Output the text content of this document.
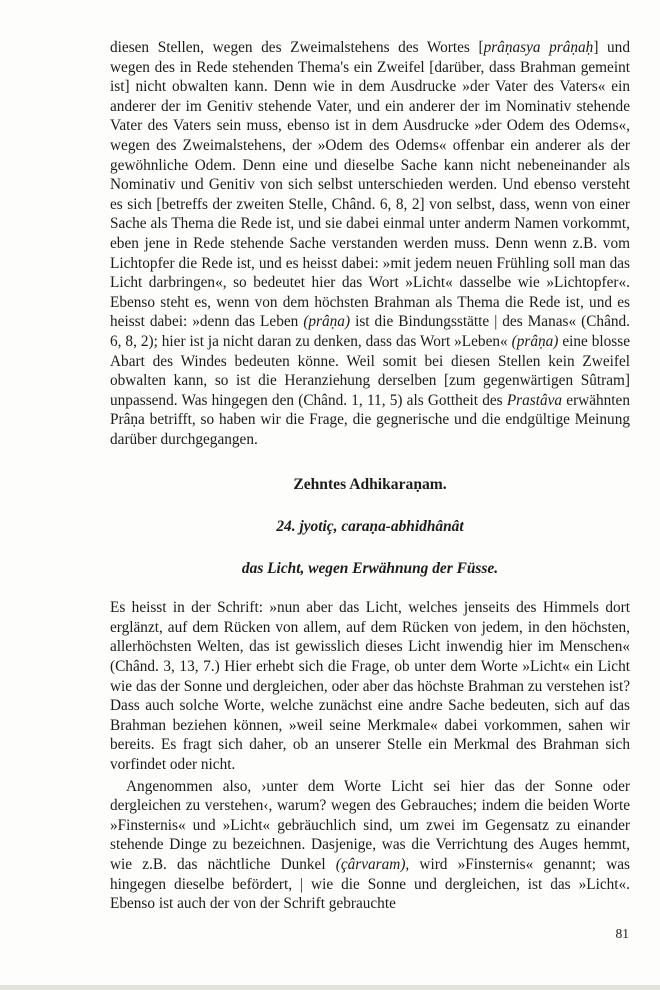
diesen Stellen, wegen des Zweimalstehens des Wortes [prâṇasya prâṇaḥ] und wegen des in Rede stehenden Thema's ein Zweifel [darüber, dass Brahman gemeint ist] nicht obwalten kann. Denn wie in dem Ausdrucke »der Vater des Vaters« ein anderer der im Genitiv stehende Vater, und ein anderer der im Nominativ stehende Vater des Vaters sein muss, ebenso ist in dem Ausdrucke »der Odem des Odems«, wegen des Zweimalstehens, der »Odem des Odems« offenbar ein anderer als der gewöhnliche Odem. Denn eine und dieselbe Sache kann nicht nebeneinander als Nominativ und Genitiv von sich selbst unterschieden werden. Und ebenso versteht es sich [betreffs der zweiten Stelle, Chând. 6, 8, 2] von selbst, dass, wenn von einer Sache als Thema die Rede ist, und sie dabei einmal unter anderm Namen vorkommt, eben jene in Rede stehende Sache verstanden werden muss. Denn wenn z.B. vom Lichtopfer die Rede ist, und es heisst dabei: »mit jedem neuen Frühling soll man das Licht darbringen«, so bedeutet hier das Wort »Licht« dasselbe wie »Lichtopfer«. Ebenso steht es, wenn von dem höchsten Brahman als Thema die Rede ist, und es heisst dabei: »denn das Leben (prâṇa) ist die Bindungsstätte | des Manas« (Chând. 6, 8, 2); hier ist ja nicht daran zu denken, dass das Wort »Leben« (prâṇa) eine blosse Abart des Windes bedeuten könne. Weil somit bei diesen Stellen kein Zweifel obwalten kann, so ist die Heranziehung derselben [zum gegenwärtigen Sûtram] unpassend. Was hingegen den (Chând. 1, 11, 5) als Gottheit des Prastâva erwähnten Prâṇa betrifft, so haben wir die Frage, die gegnerische und die endgültige Meinung darüber durchgegangen.

Zehntes Adhikaraṇam.
24. jyotiç, caraṇa-abhidhânât
das Licht, wegen Erwähnung der Füsse.

Es heisst in der Schrift: »nun aber das Licht, welches jenseits des Himmels dort erglänzt, auf dem Rücken von allem, auf dem Rücken von jedem, in den höchsten, allerhöchsten Welten, das ist gewisslich dieses Licht inwendig hier im Menschen« (Chând. 3, 13, 7.) Hier erhebt sich die Frage, ob unter dem Worte »Licht« ein Licht wie das der Sonne und dergleichen, oder aber das höchste Brahman zu verstehen ist? Dass auch solche Worte, welche zunächst eine andre Sache bedeuten, sich auf das Brahman beziehen können, »weil seine Merkmale« dabei vorkommen, sahen wir bereits. Es fragt sich daher, ob an unserer Stelle ein Merkmal des Brahman sich vorfindet oder nicht.

Angenommen also, ›unter dem Worte Licht sei hier das der Sonne oder dergleichen zu verstehen‹, warum? wegen des Gebrauches; indem die beiden Worte »Finsternis« und »Licht« gebräuchlich sind, um zwei im Gegensatz zu einander stehende Dinge zu bezeichnen. Dasjenige, was die Verrichtung des Auges hemmt, wie z.B. das nächtliche Dunkel (çârvaram), wird »Finsternis« genannt; was hingegen dieselbe befördert, | wie die Sonne und dergleichen, ist das »Licht«. Ebenso ist auch der von der Schrift gebrauchte

81
